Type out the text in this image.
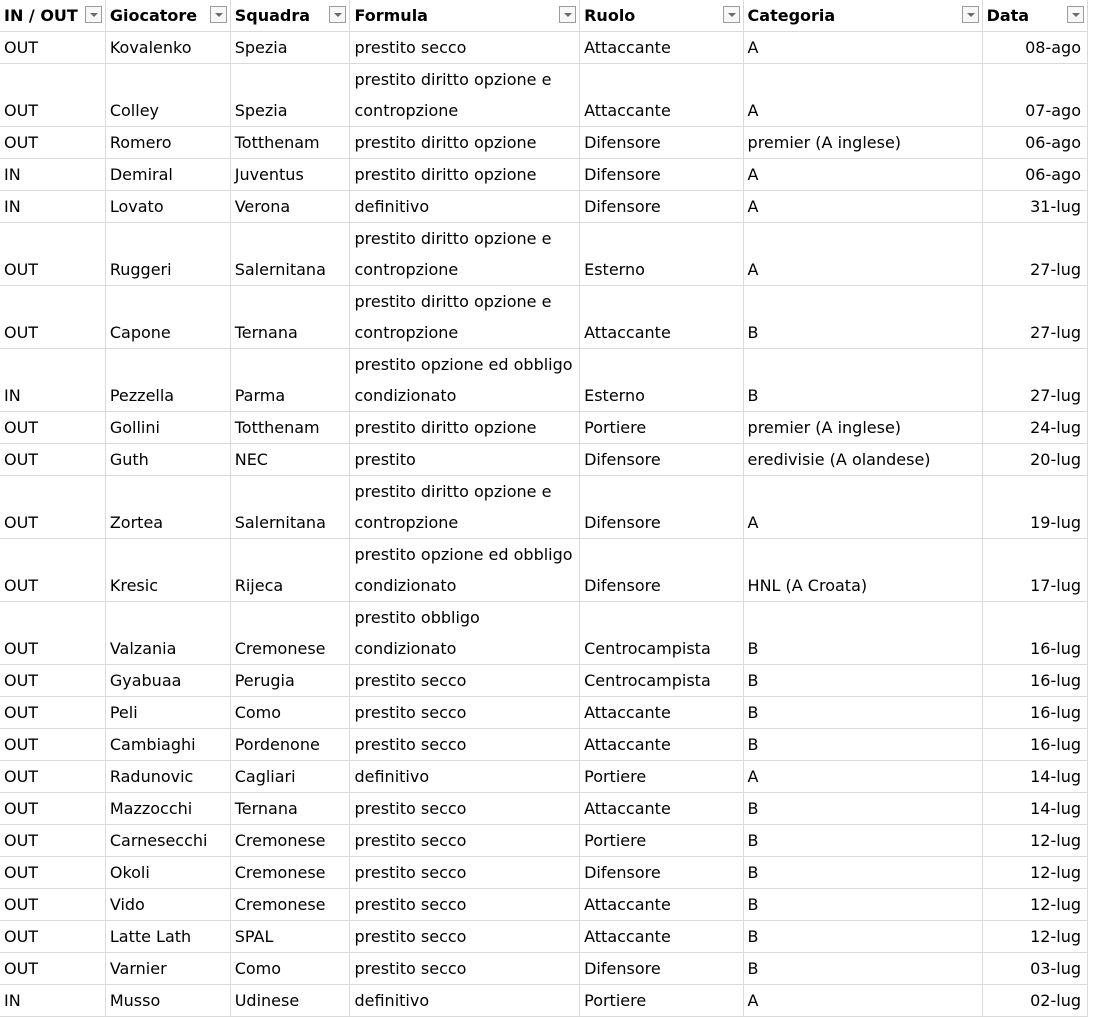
IN / OUT	Giocatore	Squadra	Formula	Ruolo	Categoria	Data

OUT	Kovalenko	Spezia	prestito secco	Attaccante	A	08-ago
OUT	Colley	Spezia	prestito diritto opzione e contropzione	Attaccante	A	07-ago
OUT	Romero	Totthenam	prestito diritto opzione	Difensore	premier (A inglese)	06-ago
IN	Demiral	Juventus	prestito diritto opzione	Difensore	A	06-ago
IN	Lovato	Verona	definitivo	Difensore	A	31-lug
OUT	Ruggeri	Salernitana	prestito diritto opzione e contropzione	Esterno	A	27-lug
OUT	Capone	Ternana	prestito diritto opzione e contropzione	Attaccante	B	27-lug
IN	Pezzella	Parma	prestito opzione ed obbligo condizionato	Esterno	B	27-lug
OUT	Gollini	Totthenam	prestito diritto opzione	Portiere	premier (A inglese)	24-lug
OUT	Guth	NEC	prestito	Difensore	eredivisie (A olandese)	20-lug
OUT	Zortea	Salernitana	prestito diritto opzione e contropzione	Difensore	A	19-lug
OUT	Kresic	Rijeca	prestito opzione ed obbligo condizionato	Difensore	HNL (A Croata)	17-lug
OUT	Valzania	Cremonese	prestito obbligo condizionato	Centrocampista	B	16-lug
OUT	Gyabuaa	Perugia	prestito secco	Centrocampista	B	16-lug
OUT	Peli	Como	prestito secco	Attaccante	B	16-lug
OUT	Cambiaghi	Pordenone	prestito secco	Attaccante	B	16-lug
OUT	Radunovic	Cagliari	definitivo	Portiere	A	14-lug
OUT	Mazzocchi	Ternana	prestito secco	Attaccante	B	14-lug
OUT	Carnesecchi	Cremonese	prestito secco	Portiere	B	12-lug
OUT	Okoli	Cremonese	prestito secco	Difensore	B	12-lug
OUT	Vido	Cremonese	prestito secco	Attaccante	B	12-lug
OUT	Latte Lath	SPAL	prestito secco	Attaccante	B	12-lug
OUT	Varnier	Como	prestito secco	Difensore	B	03-lug
IN	Musso	Udinese	definitivo	Portiere	A	02-lug
